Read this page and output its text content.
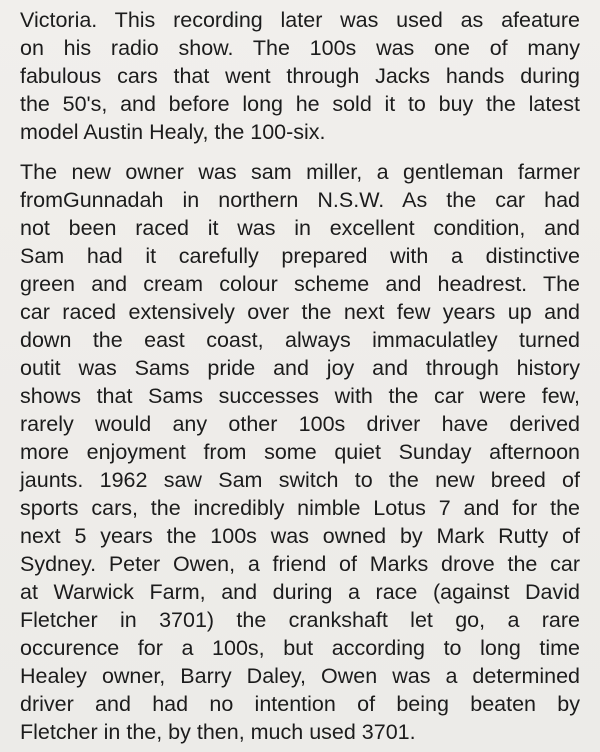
Victoria. This recording later was used as afeature
on his radio show. The 100s was one of many
fabulous cars that went through Jacks hands during
the 50's, and before long he sold it to buy the latest
model Austin Healy, the 100-six.
The new owner was sam miller, a gentleman farmer
fromGunnadah in northern N.S.W. As the car had
not been raced it was in excellent condition, and
Sam had it carefully prepared with a distinctive
green and cream colour scheme and headrest. The
car raced extensively over the next few years up and
down the east coast, always immaculatley turned
outit was Sams pride and joy and through history
shows that Sams successes with the car were few,
rarely would any other 100s driver have derived
more enjoyment from some quiet Sunday afternoon
jaunts. 1962 saw Sam switch to the new breed of
sports cars, the incredibly nimble Lotus 7 and for the
next 5 years the 100s was owned by Mark Rutty of
Sydney. Peter Owen, a friend of Marks drove the car
at Warwick Farm, and during a race (against David
Fletcher in 3701) the crankshaft let go, a rare
occurence for a 100s, but according to long time
Healey owner, Barry Daley, Owen was a determined
driver and had no intention of being beaten by
Fletcher in the, by then, much used 3701.
